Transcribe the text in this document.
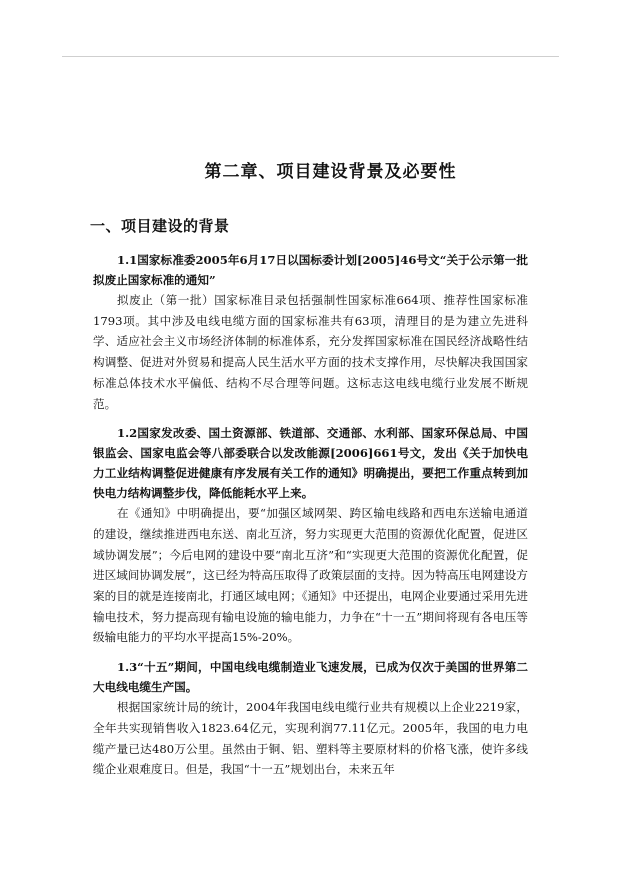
第二章、项目建设背景及必要性
一、项目建设的背景

1.1国家标准委2005年6月17日以国标委计划[2005]46号文“关于公示第一批拟废止国家标准的通知”

拟废止（第一批）国家标准目录包括强制性国家标准664项、推荐性国家标准1793项。其中涉及电线电缆方面的国家标准共有63项，清理目的是为建立先进科学、适应社会主义市场经济体制的标准体系，充分发挥国家标准在国民经济战略性结构调整、促进对外贸易和提高人民生活水平方面的技术支撑作用，尽快解决我国国家标准总体技术水平偏低、结构不尽合理等问题。这标志这电线电缆行业发展不断规范。

1.2国家发改委、国土资源部、铁道部、交通部、水利部、国家环保总局、中国银监会、国家电监会等八部委联合以发改能源[2006]661号文，发出《关于加快电力工业结构调整促进健康有序发展有关工作的通知》明确提出，要把工作重点转到加快电力结构调整步伐，降低能耗水平上来。

在《通知》中明确提出，要“加强区域网架、跨区输电线路和西电东送输电通道的建设，继续推进西电东送、南北互济，努力实现更大范围的资源优化配置，促进区域协调发展”；今后电网的建设中要“南北互济”和“实现更大范围的资源优化配置，促进区域间协调发展”，这已经为特高压取得了政策层面的支持。因为特高压电网建设方案的目的就是连接南北，打通区域电网；《通知》中还提出，电网企业要通过采用先进输电技术，努力提高现有输电设施的输电能力，力争在“十一五”期间将现有各电压等级输电能力的平均水平提高15%-20%。

1.3“十五”期间，中国电线电缆制造业飞速发展，已成为仅次于美国的世界第二大电线电缆生产国。

根据国家统计局的统计，2004年我国电线电缆行业共有规模以上企业2219家，全年共实现销售收入1823.64亿元，实现利润77.11亿元。2005年，我国的电力电缆产量已达480万公里。虽然由于铜、铝、塑料等主要原材料的价格飞涨，使许多线缆企业艰难度日。但是，我国“十一五”规划出台，未来五年
